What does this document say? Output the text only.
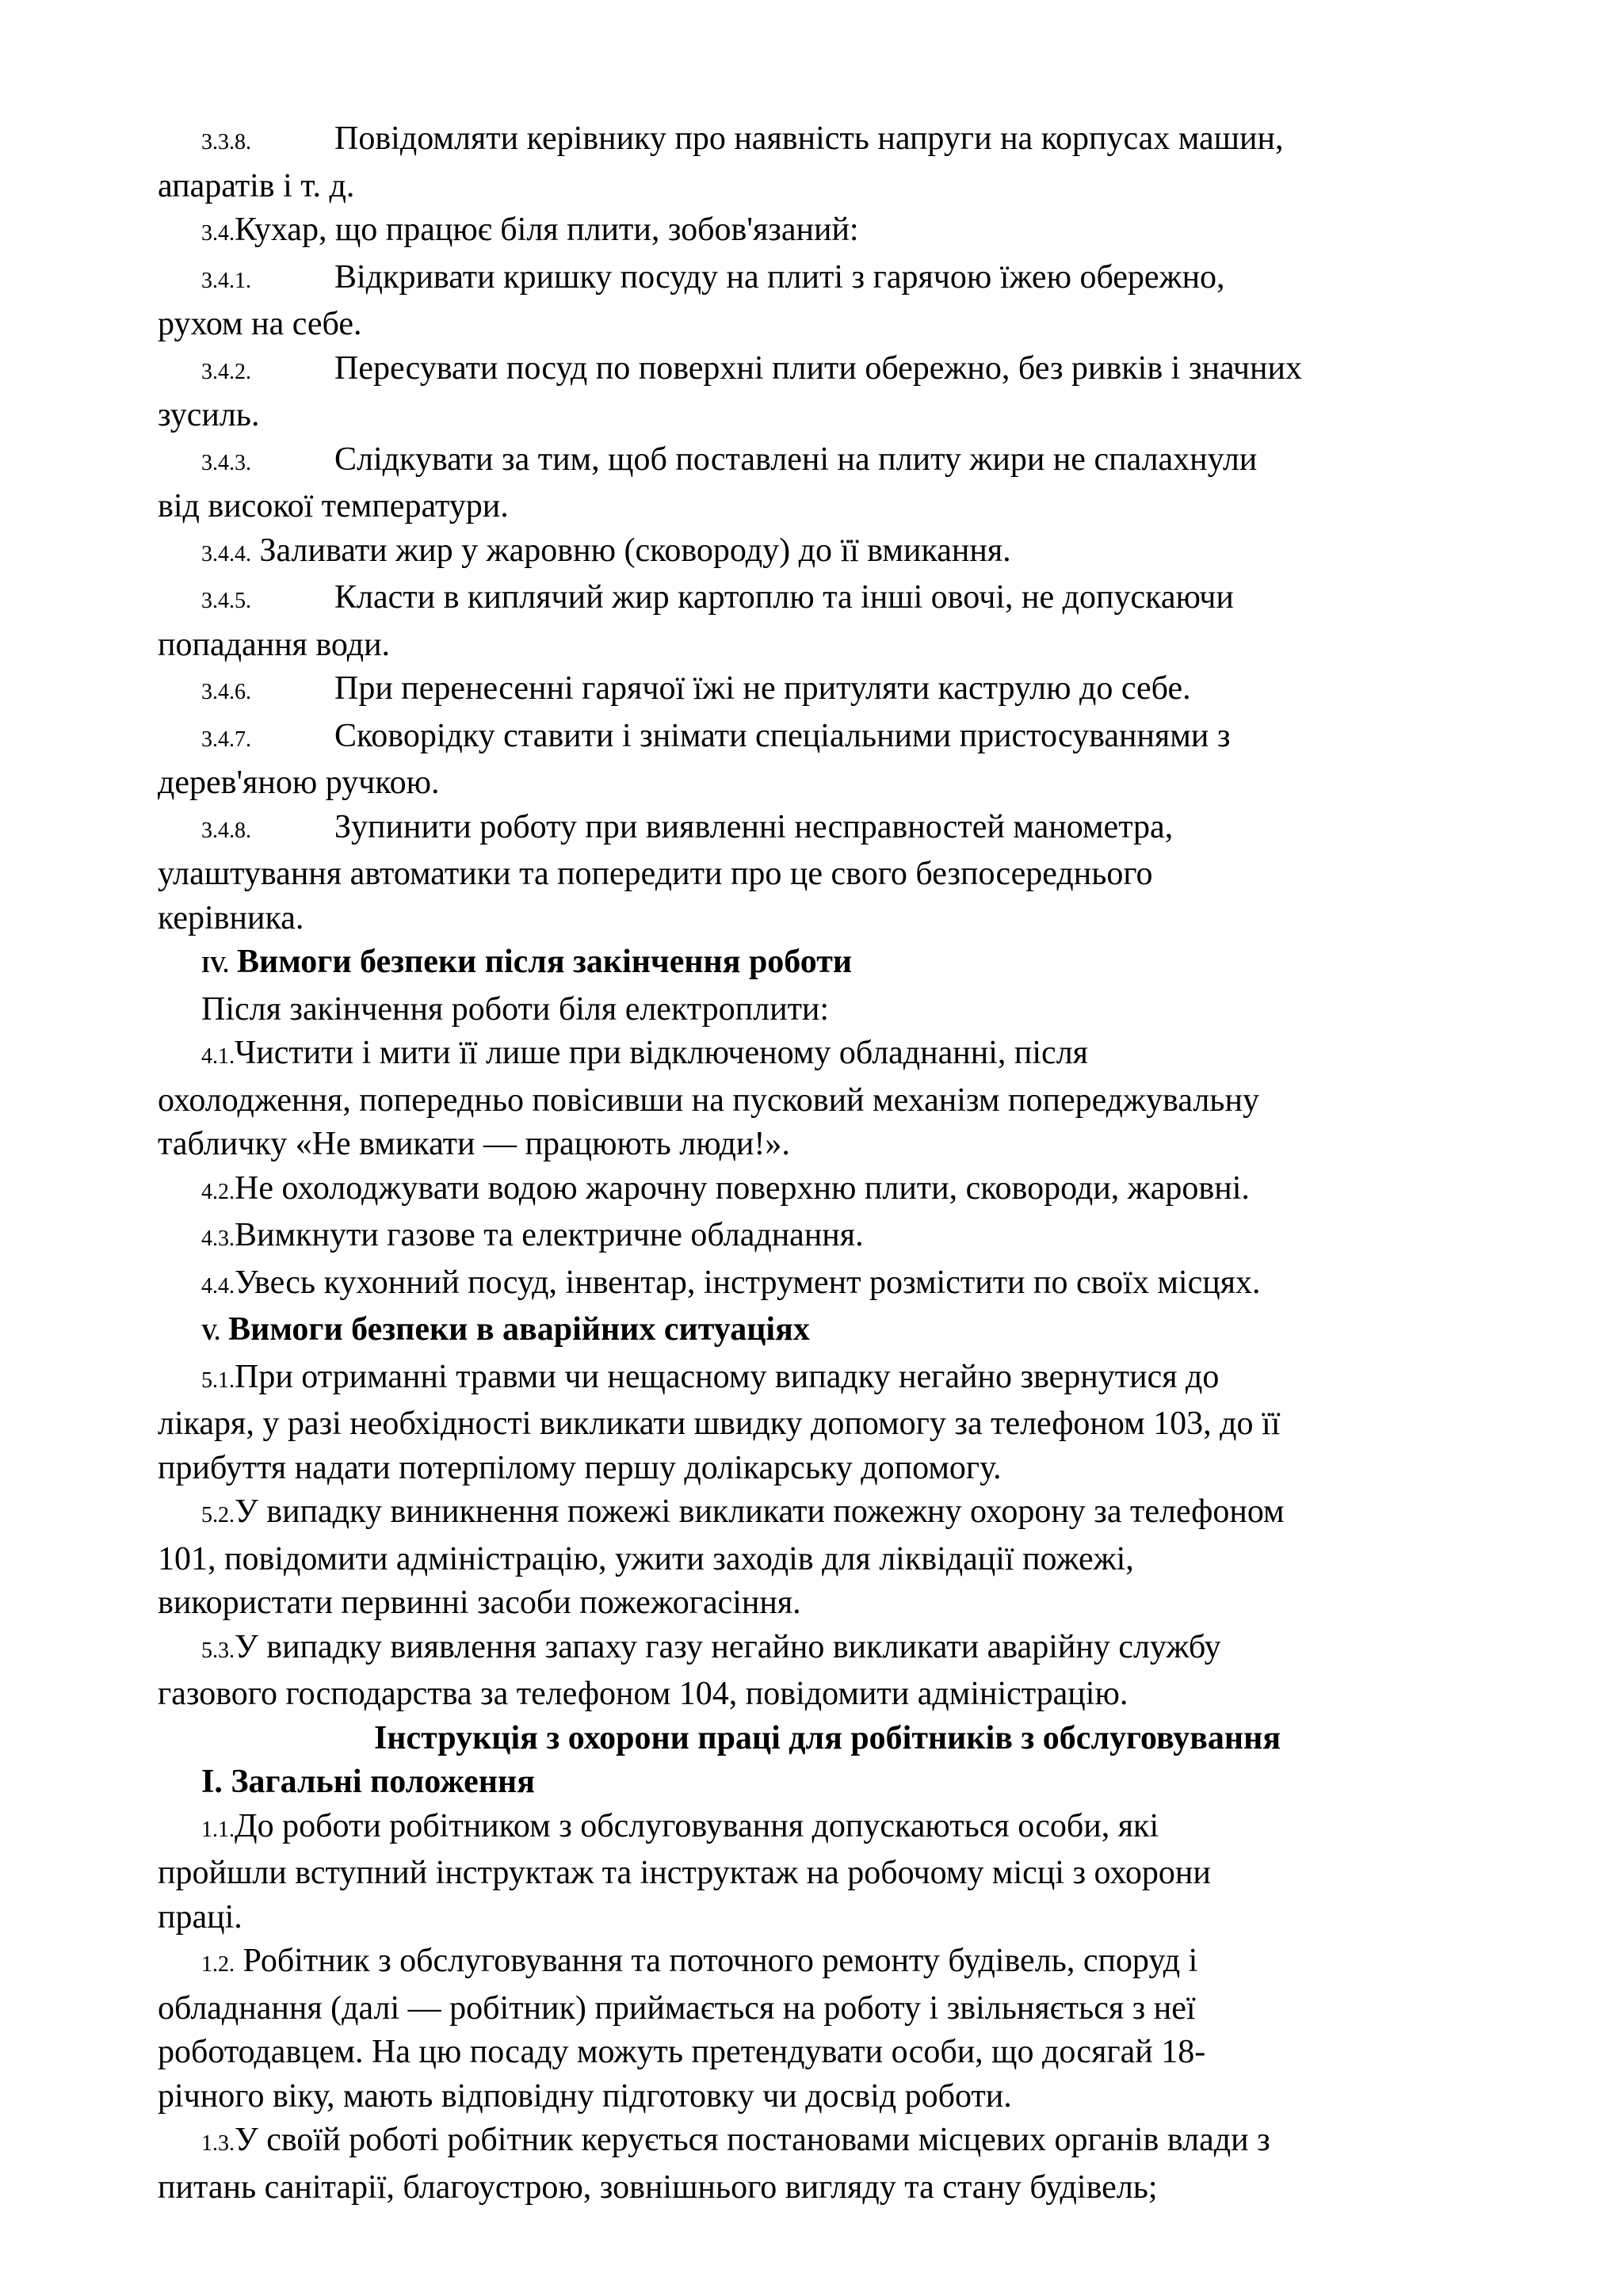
3.3.8.	Повідомляти керівнику про наявність напруги на корпусах машин,

апаратів і т. д.

3.4.Кухар, що працює біля плити, зобов'язаний:

3.4.1.	Відкривати кришку посуду на плиті з гарячою їжею обережно,

рухом на себе.

3.4.2.	Пересувати посуд по поверхні плити обережно, без ривків і значних

зусиль.

3.4.3.	Слідкувати за тим, щоб поставлені на плиту жири не спалахнули

від високої температури.

3.4.4. Заливати жир у жаровню (сковороду) до її вмикання.

3.4.5.	Класти в киплячий жир картоплю та інші овочі, не допускаючи

попадання води.

3.4.6.	При перенесенні гарячої їжі не притуляти каструлю до себе.

3.4.7.	Сковорідку ставити і знімати спеціальними пристосуваннями з

дерев'яною ручкою.

3.4.8.	Зупинити роботу при виявленні несправностей манометра,

улаштування автоматики та попередити про це свого безпосереднього

керівника.

IV. Вимоги безпеки після закінчення роботи

Після закінчення роботи біля електроплити:

4.1.Чистити і мити її лише при відключеному обладнанні, після

охолодження, попередньо повісивши на пусковий механізм попереджувальну

табличку «Не вмикати — працюють люди!».

4.2.Не охолоджувати водою жарочну поверхню плити, сковороди, жаровні.

4.3.Вимкнути газове та електричне обладнання.

4.4.Увесь кухонний посуд, інвентар, інструмент розмістити по своїх місцях.

V. Вимоги безпеки в аварійних ситуаціях

5.1.При отриманні травми чи нещасному випадку негайно звернутися до

лікаря, у разі необхідності викликати швидку допомогу за телефоном 103, до її

прибуття надати потерпілому першу долікарську допомогу.

5.2.У випадку виникнення пожежі викликати пожежну охорону за телефоном

101, повідомити адміністрацію, ужити заходів для ліквідації пожежі,

використати первинні засоби пожежогасіння.

5.3.У випадку виявлення запаху газу негайно викликати аварійну службу

газового господарства за телефоном 104, повідомити адміністрацію.

Інструкція з охорони праці для робітників з обслуговування

I. Загальні положення

1.1.До роботи робітником з обслуговування допускаються особи, які

пройшли вступний інструктаж та інструктаж на робочому місці з охорони

праці.

1.2. Робітник з обслуговування та поточного ремонту будівель, споруд і

обладнання (далі — робітник) приймається на роботу і звільняється з неї

роботодавцем. На цю посаду можуть претендувати особи, що досягай 18-

річного віку, мають відповідну підготовку чи досвід роботи.

1.3.У своїй роботі робітник керується постановами місцевих органів влади з

питань санітарії, благоустрою, зовнішнього вигляду та стану будівель;
